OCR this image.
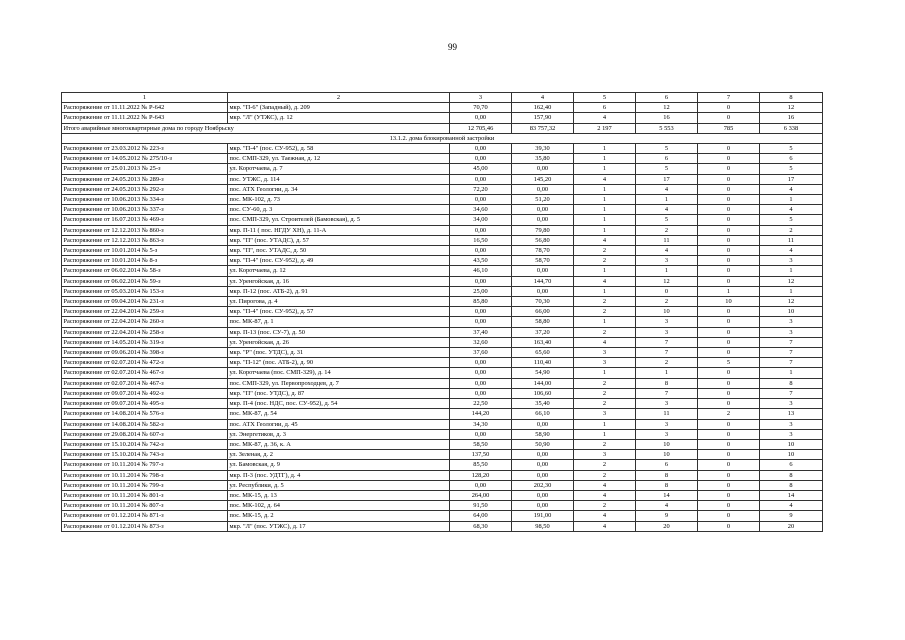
99
1	2	3	4	5	6	7	8
Распоряжение от 11.11.2022 № Р-642	мкр. "П-6" (Западный), д. 209	70,70	162,40	6	12	0	12
Распоряжение от 11.11.2022 № Р-643	мкр. "Л" (УТЖС), д. 12	0,00	157,90	4	16	0	16
Итого аварийные многоквартирные дома по городу Ноябрьску		12 705,46	83 757,32	2 197	5 553	785	6 338
13.1.2. дома блокированной застройки							
Распоряжение от 23.03.2012 № 223-з	мкр. "П-4" (пос. СУ-952), д. 58	0,00	39,30	1	5	0	5
Распоряжение от 14.05.2012 № 275/10-з	пос. СМП-329, ул. Таежная, д. 12	0,00	35,80	1	6	0	6
Распоряжение от 25.01.2013 № 25-з	ул. Коротчаева, д. 7	45,00	0,00	1	5	0	5
Распоряжение от 24.05.2013 № 289-з	пос. УТЖС, д. 114	0,00	145,20	4	17	0	17
Распоряжение от 24.05.2013 № 292-з	пос. АТХ Геологии, д. 34	72,20	0,00	1	4	0	4
Распоряжение от 10.06.2013 № 334-з	пос. МК-102, д. 73	0,00	51,20	1	1	0	1
Распоряжение от 10.06.2013 № 337-з	пос. СУ-60, д. 3	34,60	0,00	1	4	0	4
Распоряжение от 16.07.2013 № 469-з	пос. СМП-329, ул. Строителей (Бамовская), д. 5	34,00	0,00	1	5	0	5
Распоряжение от 12.12.2013 № 860-з	мкр. П-11 ( пос. НГДУ ХН), д. 11-А	0,00	79,80	1	2	0	2
Распоряжение от 12.12.2013 № 863-з	мкр. "П" (пос. УТАДС), д. 57	16,50	56,80	4	11	0	11
Распоряжение от 10.01.2014 № 5-з	мкр. "П", пос. УТАДС, д. 50	0,00	78,70	2	4	0	4
Распоряжение от 10.01.2014 № 8-з	мкр. "П-4" (пос. СУ-952), д. 49	43,50	58,70	2	3	0	3
Распоряжение от 06.02.2014 № 58-з	ул. Коротчаева, д. 12	46,10	0,00	1	1	0	1
Распоряжение от 06.02.2014 № 59-з	ул. Уренгойская, д. 16	0,00	144,70	4	12	0	12
Распоряжение от 05.03.2014 № 153-з	мкр. П-12 (пос. АТБ-2), д. 91	25,00	0,00	1	0	1	1
Распоряжение от 09.04.2014 № 231-з	ул. Пирогова, д. 4	85,80	70,30	2	2	10	12
Распоряжение от 22.04.2014 № 259-з	мкр. "П-4" (пос. СУ-952), д. 57	0,00	66,00	2	10	0	10
Распоряжение от 22.04.2014 № 260-з	пос. МК-87, д. 1	0,00	58,80	1	3	0	3
Распоряжение от 22.04.2014 № 258-з	мкр. П-13 (пос. СУ-7), д. 50	37,40	37,20	2	3	0	3
Распоряжение от 14.05.2014 № 319-з	ул. Уренгойская, д. 26	32,60	163,40	4	7	0	7
Распоряжение от 09.06.2014 № 398-з	мкр. "Р" (пос. УТДС), д. 31	37,60	65,60	3	7	0	7
Распоряжение от 02.07.2014 № 472-з	мкр. "П-12" (пос. АТБ-2), д. 90	0,00	110,40	3	2	5	7
Распоряжение от 02.07.2014 № 467-з	ул. Коротчаева (пос. СМП-329), д. 14	0,00	54,90	1	1	0	1
Распоряжение от 02.07.2014 № 467-з	пос. СМП-329, ул. Первопроходцев, д. 7	0,00	144,00	2	8	0	8
Распоряжение от 09.07.2014 № 492-з	мкр. "П" (пос. УТДС), д. 87	0,00	106,60	2	7	0	7
Распоряжение от 09.07.2014 № 495-з	мкр. П-4 (пос. НДС, пос. СУ-952), д. 54	22,50	35,40	2	3	0	3
Распоряжение от 14.08.2014 № 576-з	пос. МК-87, д. 54	144,20	66,10	3	11	2	13
Распоряжение от 14.08.2014 № 582-з	пос. АТХ Геологии, д. 45	34,30	0,00	1	3	0	3
Распоряжение от 29.08.2014 № 607-з	ул. Энергетиков, д. 3	0,00	58,90	1	3	0	3
Распоряжение от 15.10.2014 № 742-з	пос. МК-87, д. 36, к. А	58,50	50,90	2	10	0	10
Распоряжение от 15.10.2014 № 743-з	ул. Зеленая, д. 2	137,50	0,00	3	10	0	10
Распоряжение от 10.11.2014 № 797-з	ул. Бамовская, д. 9	85,50	0,00	2	6	0	6
Распоряжение от 10.11.2014 № 798-з	мкр. П-3 (пос. УДТГ), д. 4	128,20	0,00	2	8	0	8
Распоряжение от 10.11.2014 № 799-з	ул. Республики, д. 5	0,00	202,30	4	8	0	8
Распоряжение от 10.11.2014 № 801-з	пос. МК-15, д. 13	264,00	0,00	4	14	0	14
Распоряжение от 10.11.2014 № 807-з	пос. МК-102, д. 64	91,50	0,00	2	4	0	4
Распоряжение от 01.12.2014 № 871-з	пос. МК-15, д. 2	64,00	191,00	4	9	0	9
Распоряжение от 01.12.2014 № 873-з	мкр. "Л" (пос. УТЖС), д. 17	68,30	98,50	4	20	0	20
